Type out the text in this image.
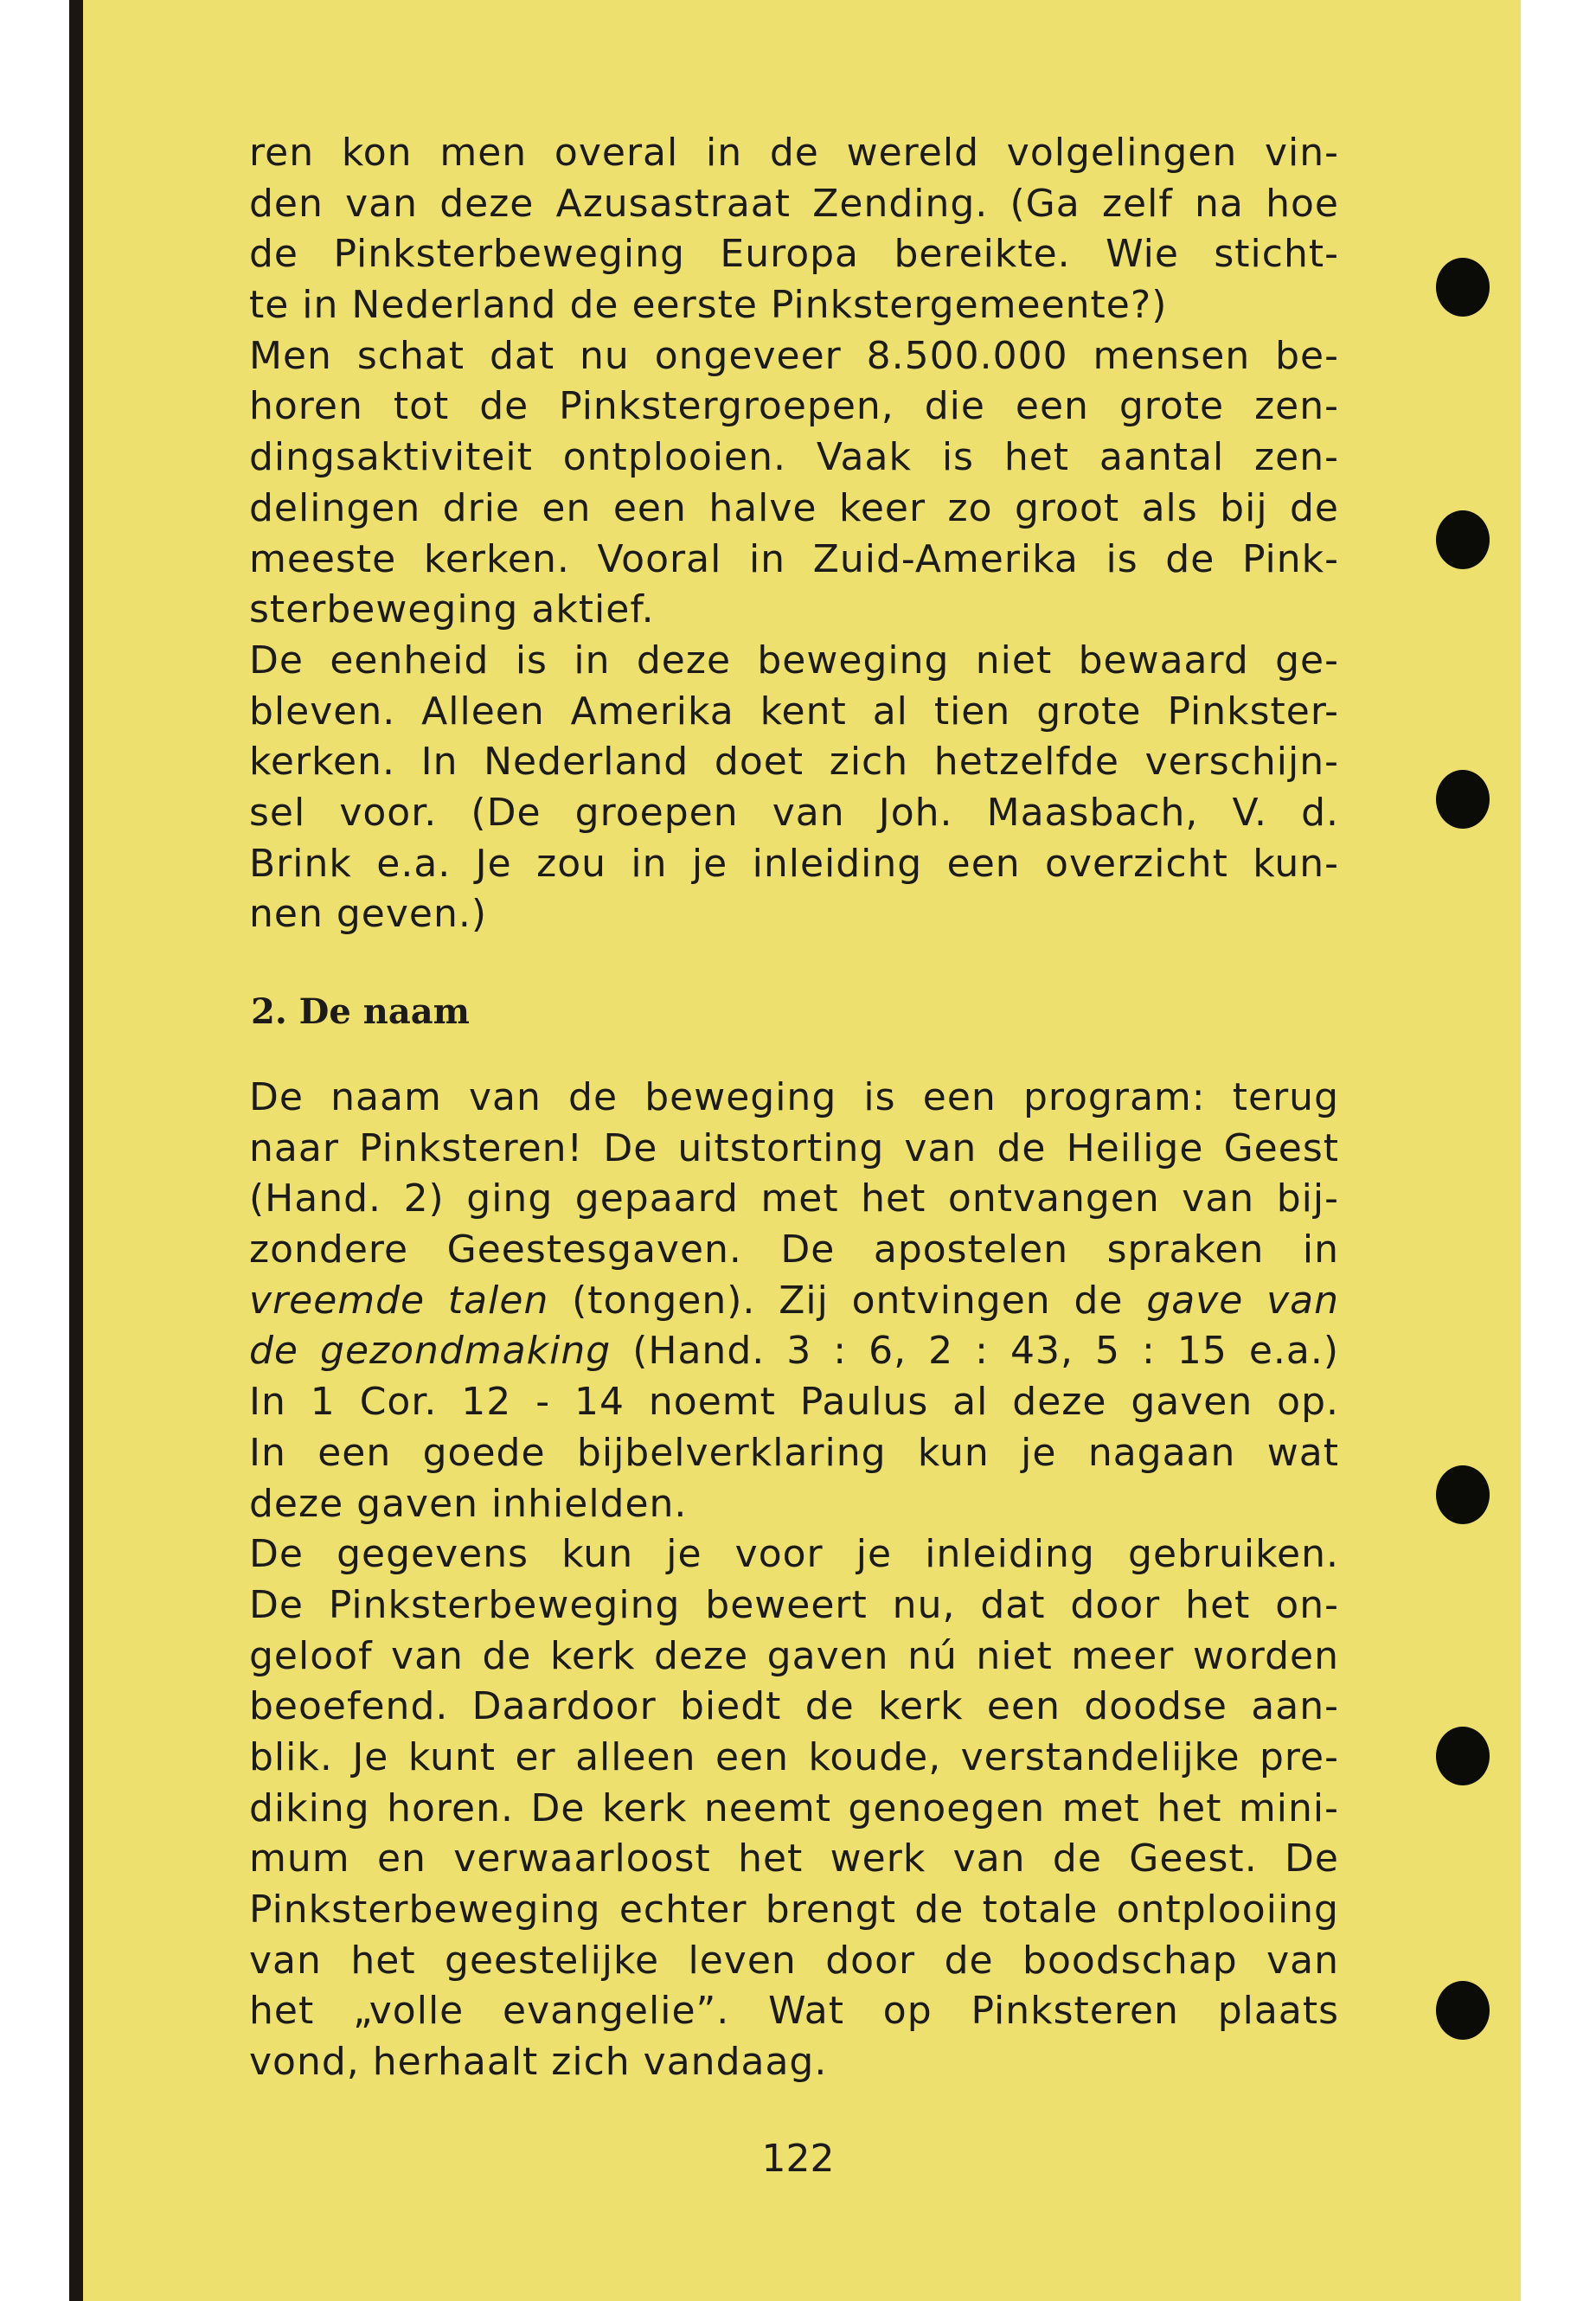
ren kon men overal in de wereld volgelingen vin-
den van deze Azusastraat Zending. (Ga zelf na hoe
de Pinksterbeweging Europa bereikte. Wie sticht-
te in Nederland de eerste Pinkstergemeente?)
Men schat dat nu ongeveer 8.500.000 mensen be-
horen tot de Pinkstergroepen, die een grote zen-
dingsaktiviteit ontplooien. Vaak is het aantal zen-
delingen drie en een halve keer zo groot als bij de
meeste kerken. Vooral in Zuid-Amerika is de Pink-
sterbeweging aktief.
De eenheid is in deze beweging niet bewaard ge-
bleven. Alleen Amerika kent al tien grote Pinkster-
kerken. In Nederland doet zich hetzelfde verschijn-
sel voor. (De groepen van Joh. Maasbach, V. d.
Brink e.a. Je zou in je inleiding een overzicht kun-
nen geven.)
2. De naam
De naam van de beweging is een program: terug
naar Pinksteren! De uitstorting van de Heilige Geest
(Hand. 2) ging gepaard met het ontvangen van bij-
zondere Geestesgaven. De apostelen spraken in
vreemde talen (tongen). Zij ontvingen de gave van
de gezondmaking (Hand. 3 : 6, 2 : 43, 5 : 15 e.a.)
In 1 Cor. 12 - 14 noemt Paulus al deze gaven op.
In een goede bijbelverklaring kun je nagaan wat
deze gaven inhielden.
De gegevens kun je voor je inleiding gebruiken.
De Pinksterbeweging beweert nu, dat door het on-
geloof van de kerk deze gaven nú niet meer worden
beoefend. Daardoor biedt de kerk een doodse aan-
blik. Je kunt er alleen een koude, verstandelijke pre-
diking horen. De kerk neemt genoegen met het mini-
mum en verwaarloost het werk van de Geest. De
Pinksterbeweging echter brengt de totale ontplooiing
van het geestelijke leven door de boodschap van
het „volle evangelie”. Wat op Pinksteren plaats
vond, herhaalt zich vandaag.
122
